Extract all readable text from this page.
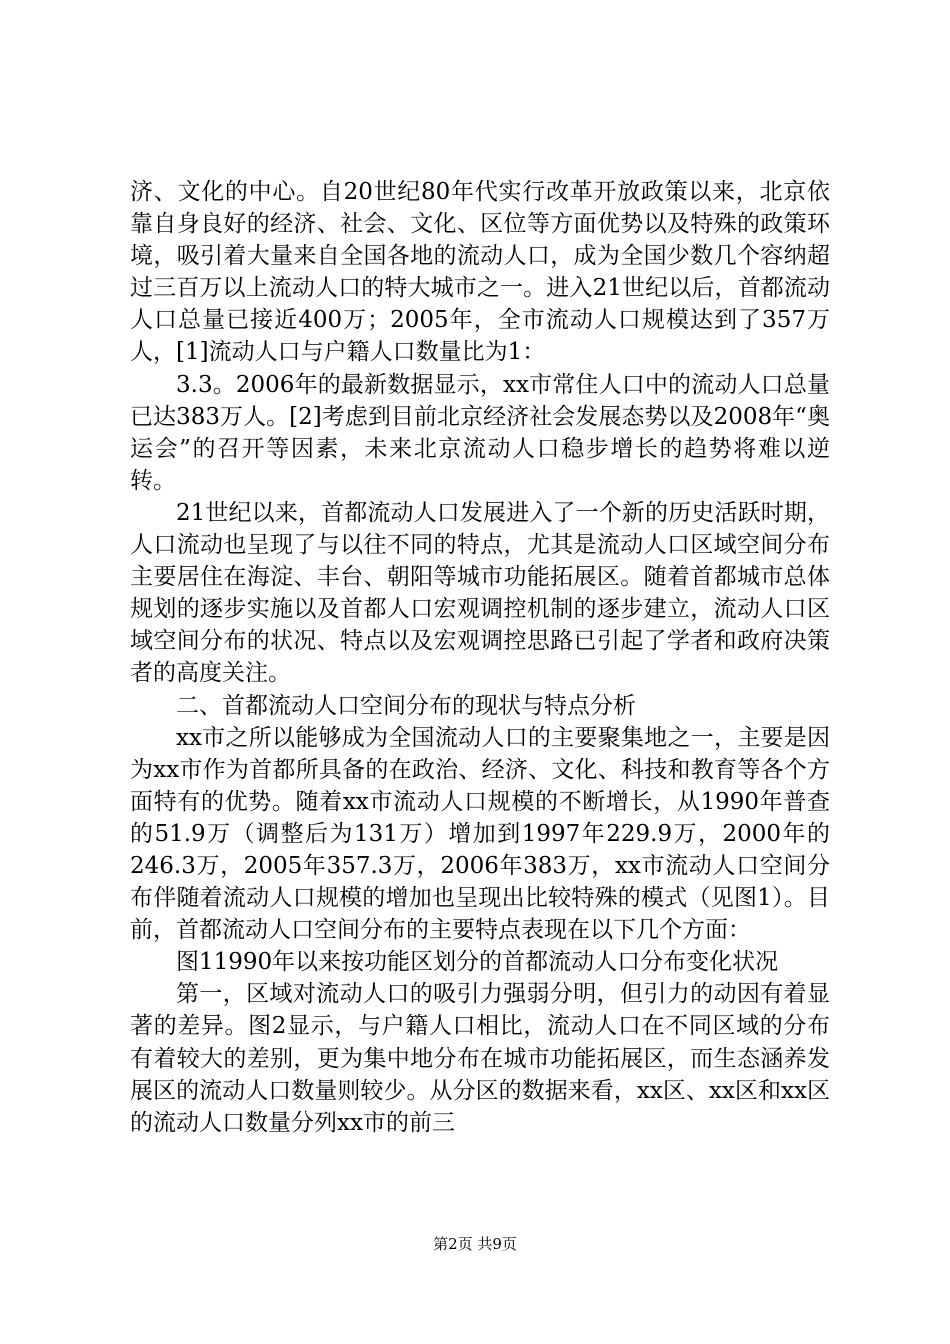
济、文化的中心。自20世纪80年代实行改革开放政策以来，北京依靠自身良好的经济、社会、文化、区位等方面优势以及特殊的政策环境，吸引着大量来自全国各地的流动人口，成为全国少数几个容纳超过三百万以上流动人口的特大城市之一。进入21世纪以后，首都流动人口总量已接近400万；2005年，全市流动人口规模达到了357万人，[1]流动人口与户籍人口数量比为1：

3.3。2006年的最新数据显示，xx市常住人口中的流动人口总量已达383万人。[2]考虑到目前北京经济社会发展态势以及2008年“奥运会”的召开等因素，未来北京流动人口稳步增长的趋势将难以逆转。

21世纪以来，首都流动人口发展进入了一个新的历史活跃时期，人口流动也呈现了与以往不同的特点，尤其是流动人口区域空间分布主要居住在海淀、丰台、朝阳等城市功能拓展区。随着首都城市总体规划的逐步实施以及首都人口宏观调控机制的逐步建立，流动人口区域空间分布的状况、特点以及宏观调控思路已引起了学者和政府决策者的高度关注。

二、首都流动人口空间分布的现状与特点分析

xx市之所以能够成为全国流动人口的主要聚集地之一，主要是因为xx市作为首都所具备的在政治、经济、文化、科技和教育等各个方面特有的优势。随着xx市流动人口规模的不断增长，从1990年普查的51.9万（调整后为131万）增加到1997年229.9万，2000年的246.3万，2005年357.3万，2006年383万，xx市流动人口空间分布伴随着流动人口规模的增加也呈现出比较特殊的模式（见图1）。目前，首都流动人口空间分布的主要特点表现在以下几个方面：

图11990年以来按功能区划分的首都流动人口分布变化状况

第一，区域对流动人口的吸引力强弱分明，但引力的动因有着显著的差异。图2显示，与户籍人口相比，流动人口在不同区域的分布有着较大的差别，更为集中地分布在城市功能拓展区，而生态涵养发展区的流动人口数量则较少。从分区的数据来看，xx区、xx区和xx区的流动人口数量分列xx市的前三

第2页 共9页
